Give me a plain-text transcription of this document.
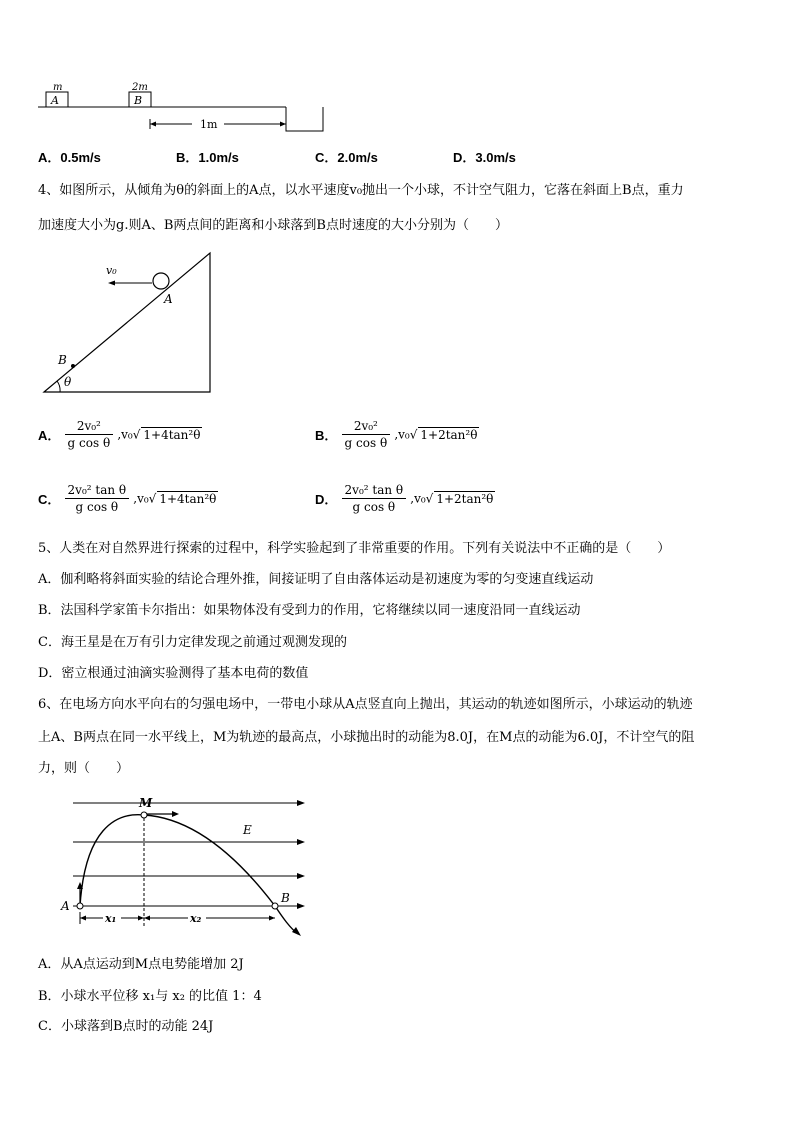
m
A
2m
B
1m
A．0.5m/s	B．1.0m/s	C．2.0m/s	D．3.0m/s
4、如图所示，从倾角为θ的斜面上的A点，以水平速度v₀抛出一个小球，不计空气阻力，它落在斜面上B点，重力
加速度大小为g.则A、B两点间的距离和小球落到B点时速度的大小分别为（　　）
v₀
A
B
θ
A． $\frac{\text{2v₀²}}{\text{g cos θ}} ,v_0√$ 1+4tan²θ	B． $\frac{\text{2v₀²}}{\text{g cos θ}} ,v_0√$ 1+2tan²θ
C． $\frac{\text{2v₀² tan θ}}{\text{g cos θ}} ,v_0√$ 1+4tan²θ	D． $\frac{\text{2v₀² tan θ}}{\text{g cos θ}} ,v_0√$ 1+2tan²θ
5、人类在对自然界进行探索的过程中，科学实验起到了非常重要的作用。下列有关说法中不正确的是（　　）
A．伽利略将斜面实验的结论合理外推，间接证明了自由落体运动是初速度为零的匀变速直线运动
B．法国科学家笛卡尔指出：如果物体没有受到力的作用，它将继续以同一速度沿同一直线运动
C．海王星是在万有引力定律发现之前通过观测发现的
D．密立根通过油滴实验测得了基本电荷的数值
6、在电场方向水平向右的匀强电场中，一带电小球从A点竖直向上抛出，其运动的轨迹如图所示，小球运动的轨迹
上A、B两点在同一水平线上，M为轨迹的最高点，小球抛出时的动能为8.0J，在M点的动能为6.0J，不计空气的阻
力，则（　　）
E
A
M
B
x₁	x₂
A．从A点运动到M点电势能增加 2J
B．小球水平位移 x₁与 x₂ 的比值 1：4
C．小球落到B点时的动能 24J
